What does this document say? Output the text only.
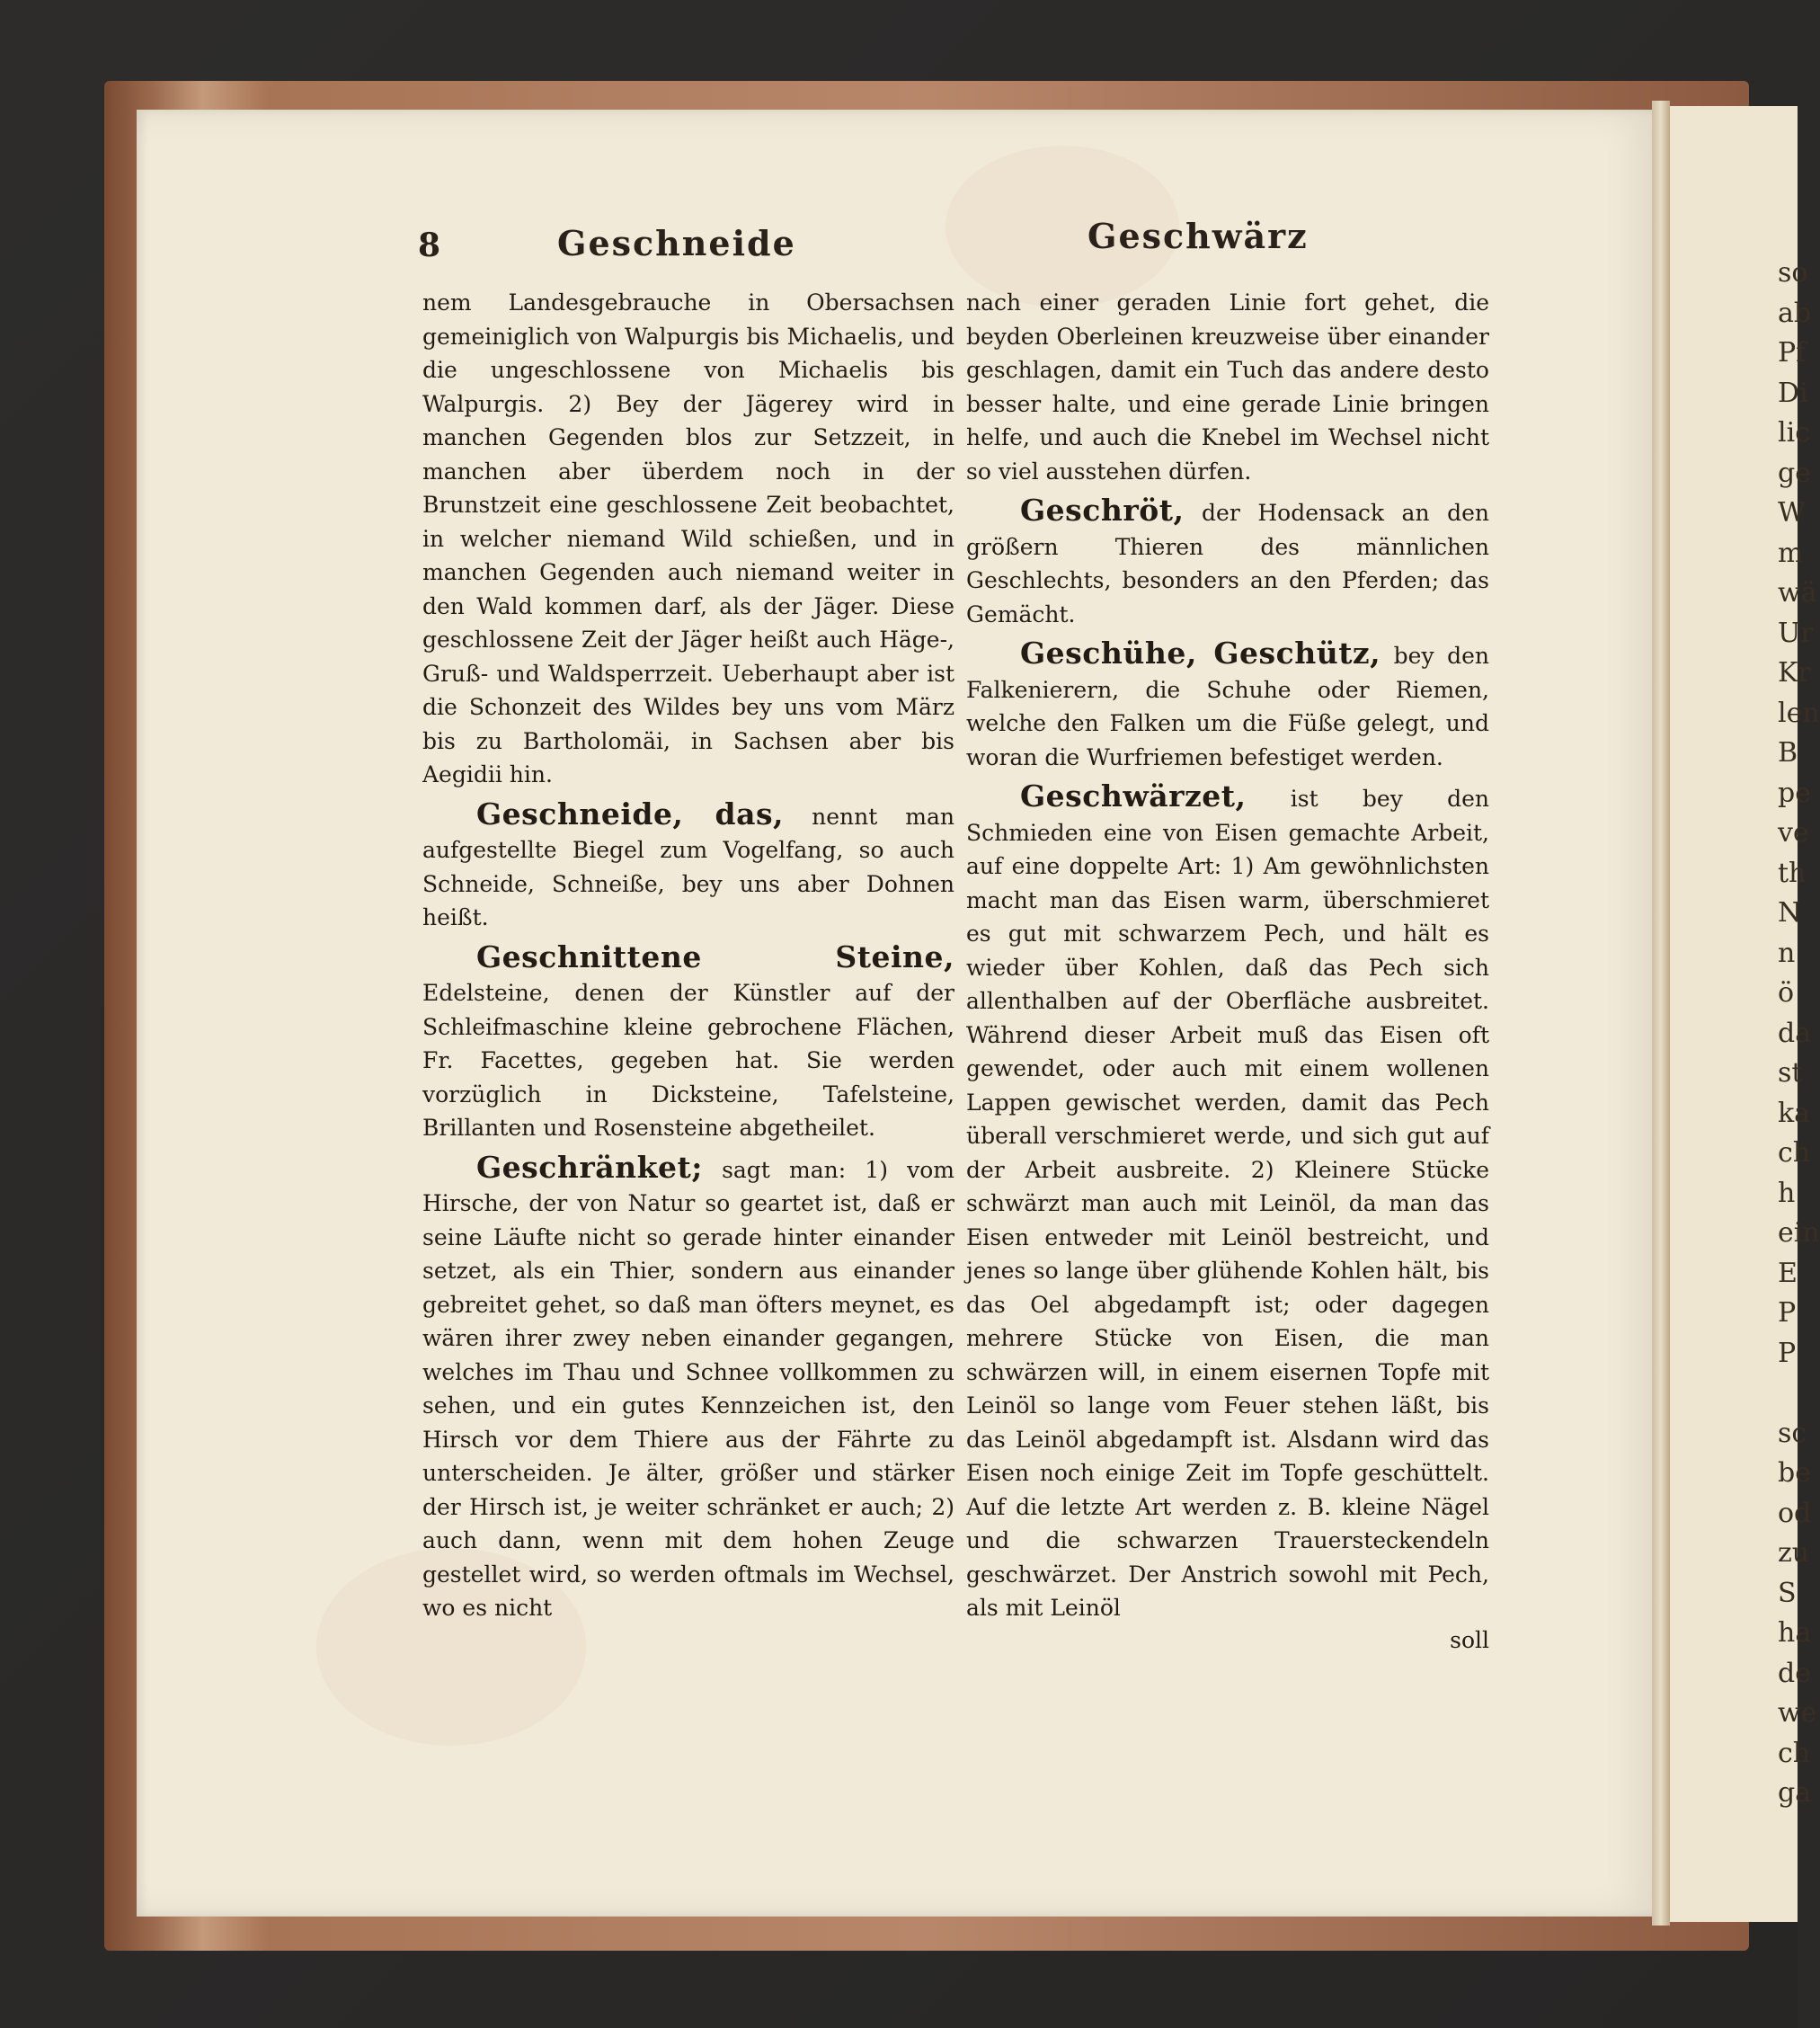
so
ab
Pf
Di
lic
ge
W
m
wä
Ur
Kr
len
B
pe
ve
th
N
n
ö
da
st
ka
ch
h
ein
E
P
P

sc
be
od
zu
S
ha
de
we
ch
ga
8	Geschneide	Geschwärz

nem Landesgebrauche in Obersachsen gemeiniglich von Walpurgis bis Michaelis, und die ungeschlossene von Michaelis bis Walpurgis. 2) Bey der Jägerey wird in manchen Gegenden blos zur Setzzeit, in manchen aber überdem noch in der Brunstzeit eine geschlossene Zeit beobachtet, in welcher niemand Wild schießen, und in manchen Gegenden auch niemand weiter in den Wald kommen darf, als der Jäger. Diese geschlossene Zeit der Jäger heißt auch Häge-, Gruß- und Waldsperrzeit. Ueberhaupt aber ist die Schonzeit des Wildes bey uns vom März bis zu Bartholomäi, in Sachsen aber bis Aegidii hin.

Geschneide, das, nennt man aufgestellte Biegel zum Vogelfang, so auch Schneide, Schneiße, bey uns aber Dohnen heißt.

Geschnittene Steine, Edelsteine, denen der Künstler auf der Schleifmaschine kleine gebrochene Flächen, Fr. Facettes, gegeben hat. Sie werden vorzüglich in Dicksteine, Tafelsteine, Brillanten und Rosensteine abgetheilet.

Geschränket; sagt man: 1) vom Hirsche, der von Natur so geartet ist, daß er seine Läufte nicht so gerade hinter einander setzet, als ein Thier, sondern aus einander gebreitet gehet, so daß man öfters meynet, es wären ihrer zwey neben einander gegangen, welches im Thau und Schnee vollkommen zu sehen, und ein gutes Kennzeichen ist, den Hirsch vor dem Thiere aus der Fährte zu unterscheiden. Je älter, größer und stärker der Hirsch ist, je weiter schränket er auch; 2) auch dann, wenn mit dem hohen Zeuge gestellet wird, so werden oftmals im Wechsel, wo es nicht

nach einer geraden Linie fort gehet, die beyden Oberleinen kreuzweise über einander geschlagen, damit ein Tuch das andere desto besser halte, und eine gerade Linie bringen helfe, und auch die Knebel im Wechsel nicht so viel ausstehen dürfen.

Geschröt, der Hodensack an den größern Thieren des männlichen Geschlechts, besonders an den Pferden; das Gemächt.

Geschühe, Geschütz, bey den Falkenierern, die Schuhe oder Riemen, welche den Falken um die Füße gelegt, und woran die Wurfriemen befestiget werden.

Geschwärzet, ist bey den Schmieden eine von Eisen gemachte Arbeit, auf eine doppelte Art: 1) Am gewöhnlichsten macht man das Eisen warm, überschmieret es gut mit schwarzem Pech, und hält es wieder über Kohlen, daß das Pech sich allenthalben auf der Oberfläche ausbreitet. Während dieser Arbeit muß das Eisen oft gewendet, oder auch mit einem wollenen Lappen gewischet werden, damit das Pech überall verschmieret werde, und sich gut auf der Arbeit ausbreite. 2) Kleinere Stücke schwärzt man auch mit Leinöl, da man das Eisen entweder mit Leinöl bestreicht, und jenes so lange über glühende Kohlen hält, bis das Oel abgedampft ist; oder dagegen mehrere Stücke von Eisen, die man schwärzen will, in einem eisernen Topfe mit Leinöl so lange vom Feuer stehen läßt, bis das Leinöl abgedampft ist. Alsdann wird das Eisen noch einige Zeit im Topfe geschüttelt. Auf die letzte Art werden z. B. kleine Nägel und die schwarzen Trauersteckendeln geschwärzet. Der Anstrich sowohl mit Pech, als mit Leinöl

soll
